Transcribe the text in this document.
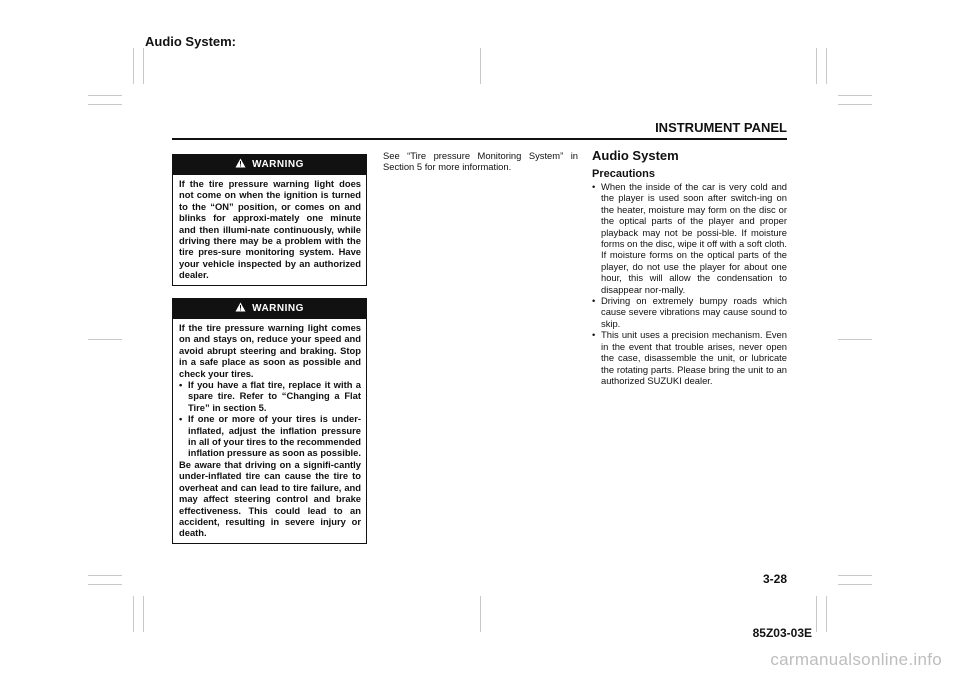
Audio System:
INSTRUMENT PANEL
WARNING

If the tire pressure warning light does not come on when the ignition is turned to the “ON” position, or comes on and blinks for approxi-mately one minute and then illumi-nate continuously, while driving there may be a problem with the tire pres-sure monitoring system. Have your vehicle inspected by an authorized dealer.

WARNING

If the tire pressure warning light comes on and stays on, reduce your speed and avoid abrupt steering and braking. Stop in a safe place as soon as possible and check your tires.

• If you have a flat tire, replace it with a spare tire. Refer to “Changing a Flat Tire” in section 5.
• If one or more of your tires is under-inflated, adjust the inflation pressure in all of your tires to the recommended inflation pressure as soon as possible.

Be aware that driving on a signifi-cantly under-inflated tire can cause the tire to overheat and can lead to tire failure, and may affect steering control and brake effectiveness. This could lead to an accident, resulting in severe injury or death.

See “Tire pressure Monitoring System” in Section 5 for more information.
Audio System
Precautions
• When the inside of the car is very cold and the player is used soon after switch-ing on the heater, moisture may form on the disc or the optical parts of the player and proper playback may not be possi-ble. If moisture forms on the disc, wipe it off with a soft cloth. If moisture forms on the optical parts of the player, do not use the player for about one hour, this will allow the condensation to disappear nor-mally.
• Driving on extremely bumpy roads which cause severe vibrations may cause sound to skip.
• This unit uses a precision mechanism. Even in the event that trouble arises, never open the case, disassemble the unit, or lubricate the rotating parts. Please bring the unit to an authorized SUZUKI dealer.
3-28
85Z03-03E
carmanualsonline.info
